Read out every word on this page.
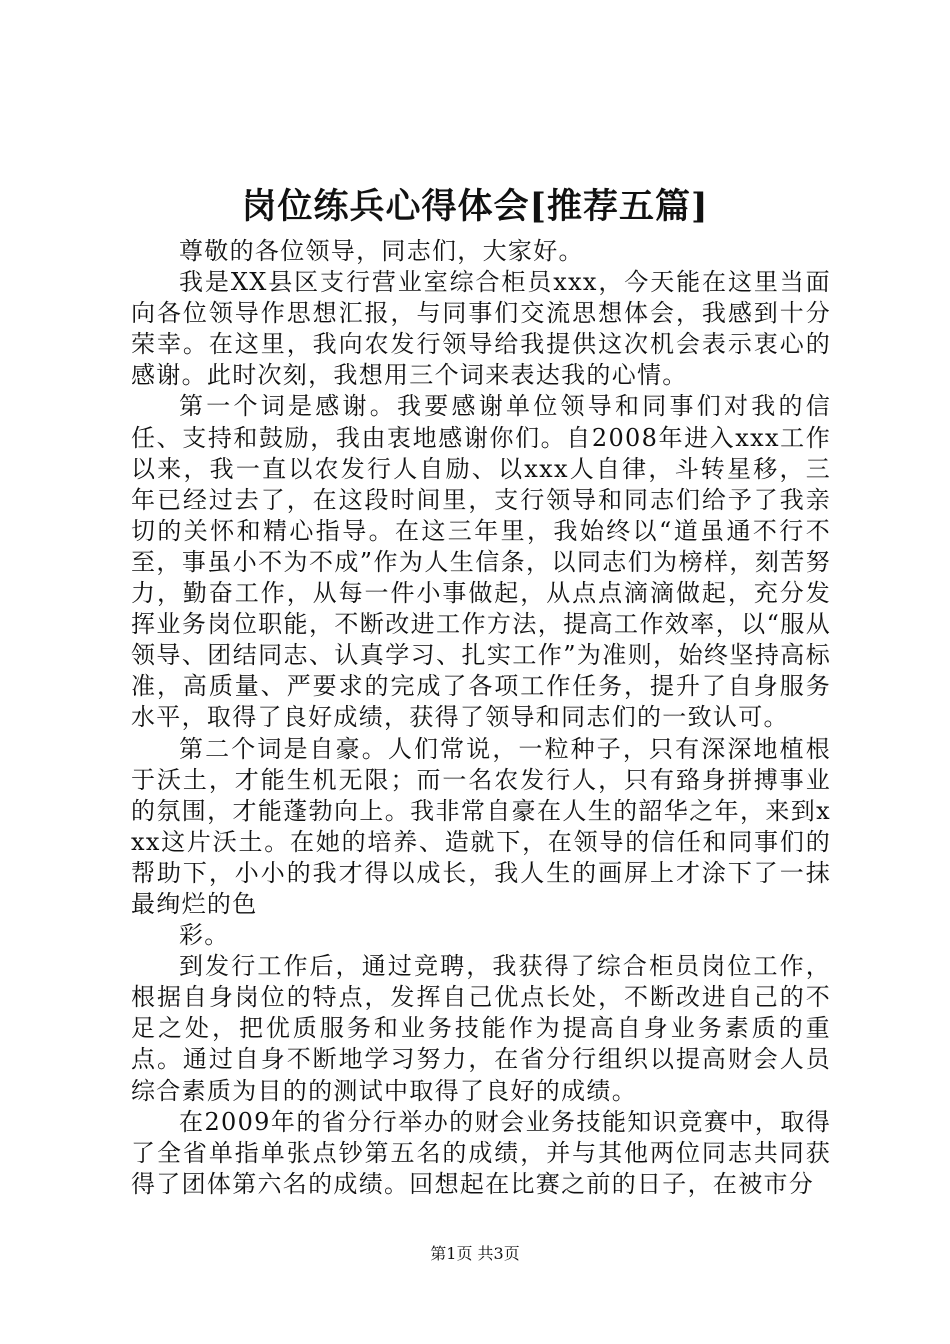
岗位练兵心得体会[推荐五篇]

尊敬的各位领导，同志们，大家好。

我是XX县区支行营业室综合柜员xxx，今天能在这里当面向各位领导作思想汇报，与同事们交流思想体会，我感到十分荣幸。在这里，我向农发行领导给我提供这次机会表示衷心的感谢。此时次刻，我想用三个词来表达我的心情。

第一个词是感谢。我要感谢单位领导和同事们对我的信任、支持和鼓励，我由衷地感谢你们。自2008年进入xxx工作以来，我一直以农发行人自励、以xxx人自律，斗转星移，三年已经过去了，在这段时间里，支行领导和同志们给予了我亲切的关怀和精心指导。在这三年里，我始终以“道虽通不行不至，事虽小不为不成”作为人生信条，以同志们为榜样，刻苦努力，勤奋工作，从每一件小事做起，从点点滴滴做起，充分发挥业务岗位职能，不断改进工作方法，提高工作效率，以“服从领导、团结同志、认真学习、扎实工作”为准则，始终坚持高标准，高质量、严要求的完成了各项工作任务，提升了自身服务水平，取得了良好成绩，获得了领导和同志们的一致认可。

第二个词是自豪。人们常说，一粒种子，只有深深地植根于沃土，才能生机无限；而一名农发行人，只有臵身拼搏事业的氛围，才能蓬勃向上。我非常自豪在人生的韶华之年，来到xxx这片沃土。在她的培养、造就下，在领导的信任和同事们的帮助下，小小的我才得以成长，我人生的画屏上才涂下了一抹最绚烂的色

彩。

到发行工作后，通过竞聘，我获得了综合柜员岗位工作，根据自身岗位的特点，发挥自己优点长处，不断改进自己的不足之处，把优质服务和业务技能作为提高自身业务素质的重点。通过自身不断地学习努力，在省分行组织以提高财会人员综合素质为目的的测试中取得了良好的成绩。

在2009年的省分行举办的财会业务技能知识竞赛中，取得了全省单指单张点钞第五名的成绩，并与其他两位同志共同获得了团体第六名的成绩。回想起在比赛之前的日子，在被市分

第1页 共3页
